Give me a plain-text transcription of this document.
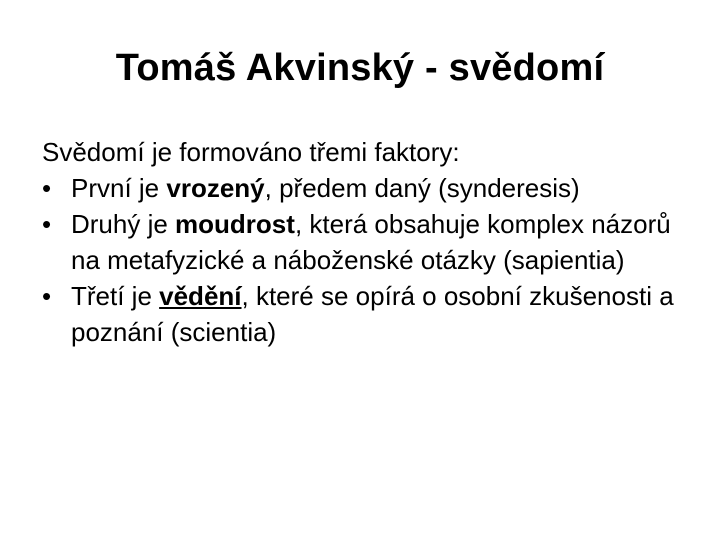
Tomáš Akvinský - svědomí

Svědomí je formováno třemi faktory:

• První je vrozený, předem daný (synderesis)
• Druhý je moudrost, která obsahuje komplex názorů na metafyzické a náboženské otázky (sapientia)
• Třetí je vědění, které se opírá o osobní zkušenosti a poznání (scientia)
